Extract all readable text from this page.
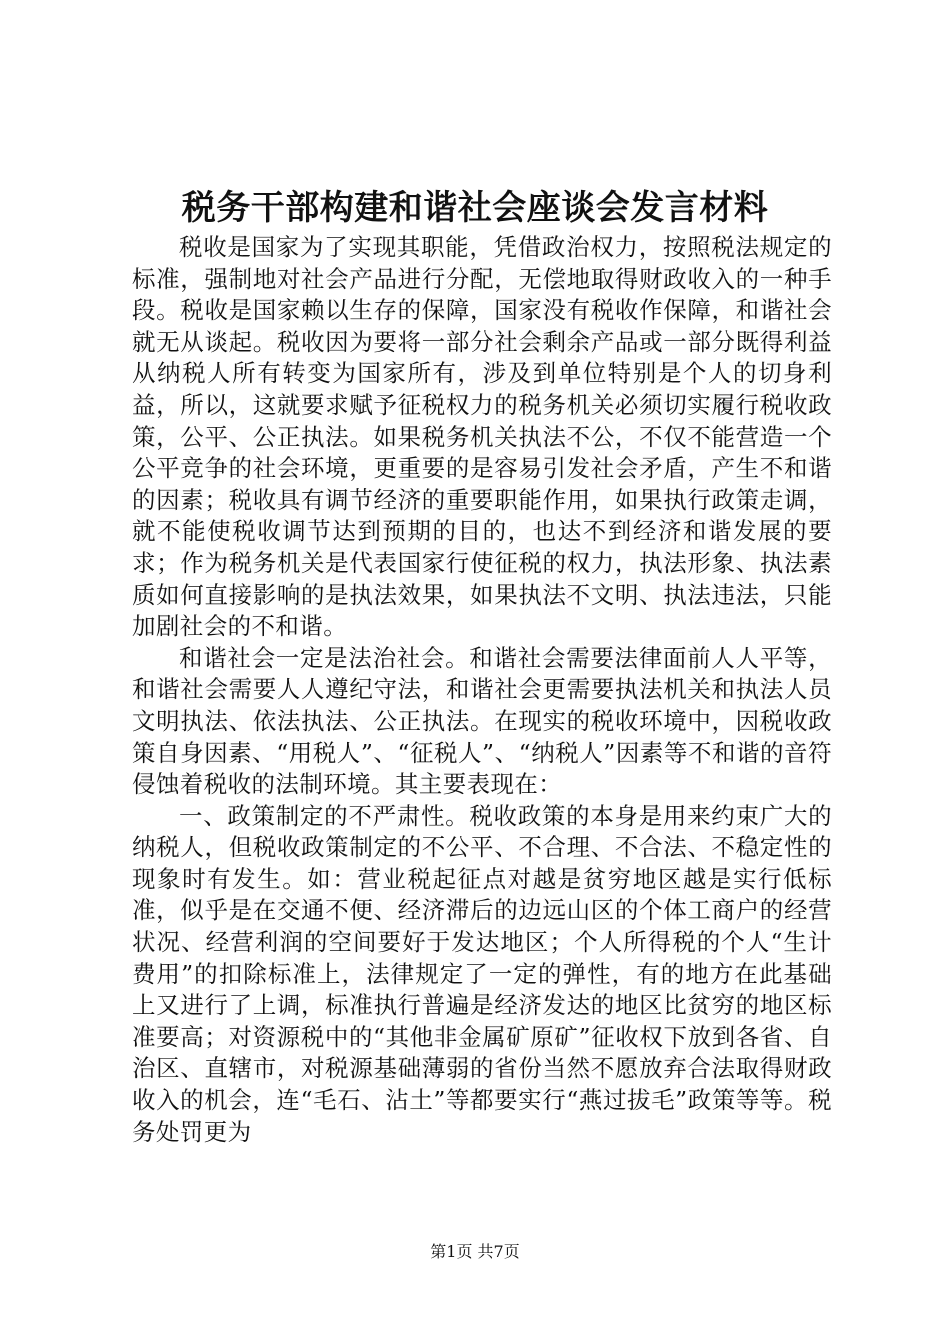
税务干部构建和谐社会座谈会发言材料

税收是国家为了实现其职能，凭借政治权力，按照税法规定的标准，强制地对社会产品进行分配，无偿地取得财政收入的一种手段。税收是国家赖以生存的保障，国家没有税收作保障，和谐社会就无从谈起。税收因为要将一部分社会剩余产品或一部分既得利益从纳税人所有转变为国家所有，涉及到单位特别是个人的切身利益，所以，这就要求赋予征税权力的税务机关必须切实履行税收政策，公平、公正执法。如果税务机关执法不公，不仅不能营造一个公平竞争的社会环境，更重要的是容易引发社会矛盾，产生不和谐的因素；税收具有调节经济的重要职能作用，如果执行政策走调，就不能使税收调节达到预期的目的，也达不到经济和谐发展的要求；作为税务机关是代表国家行使征税的权力，执法形象、执法素质如何直接影响的是执法效果，如果执法不文明、执法违法，只能加剧社会的不和谐。

和谐社会一定是法治社会。和谐社会需要法律面前人人平等，和谐社会需要人人遵纪守法，和谐社会更需要执法机关和执法人员文明执法、依法执法、公正执法。在现实的税收环境中，因税收政策自身因素、“用税人”、“征税人”、“纳税人”因素等不和谐的音符侵蚀着税收的法制环境。其主要表现在：

一、政策制定的不严肃性。税收政策的本身是用来约束广大的纳税人，但税收政策制定的不公平、不合理、不合法、不稳定性的现象时有发生。如：营业税起征点对越是贫穷地区越是实行低标准，似乎是在交通不便、经济滞后的边远山区的个体工商户的经营状况、经营利润的空间要好于发达地区；个人所得税的个人“生计费用”的扣除标准上，法律规定了一定的弹性，有的地方在此基础上又进行了上调，标准执行普遍是经济发达的地区比贫穷的地区标准要高；对资源税中的“其他非金属矿原矿”征收权下放到各省、自治区、直辖市，对税源基础薄弱的省份当然不愿放弃合法取得财政收入的机会，连“毛石、沾土”等都要实行“燕过拔毛”政策等等。税务处罚更为

第1页 共7页
